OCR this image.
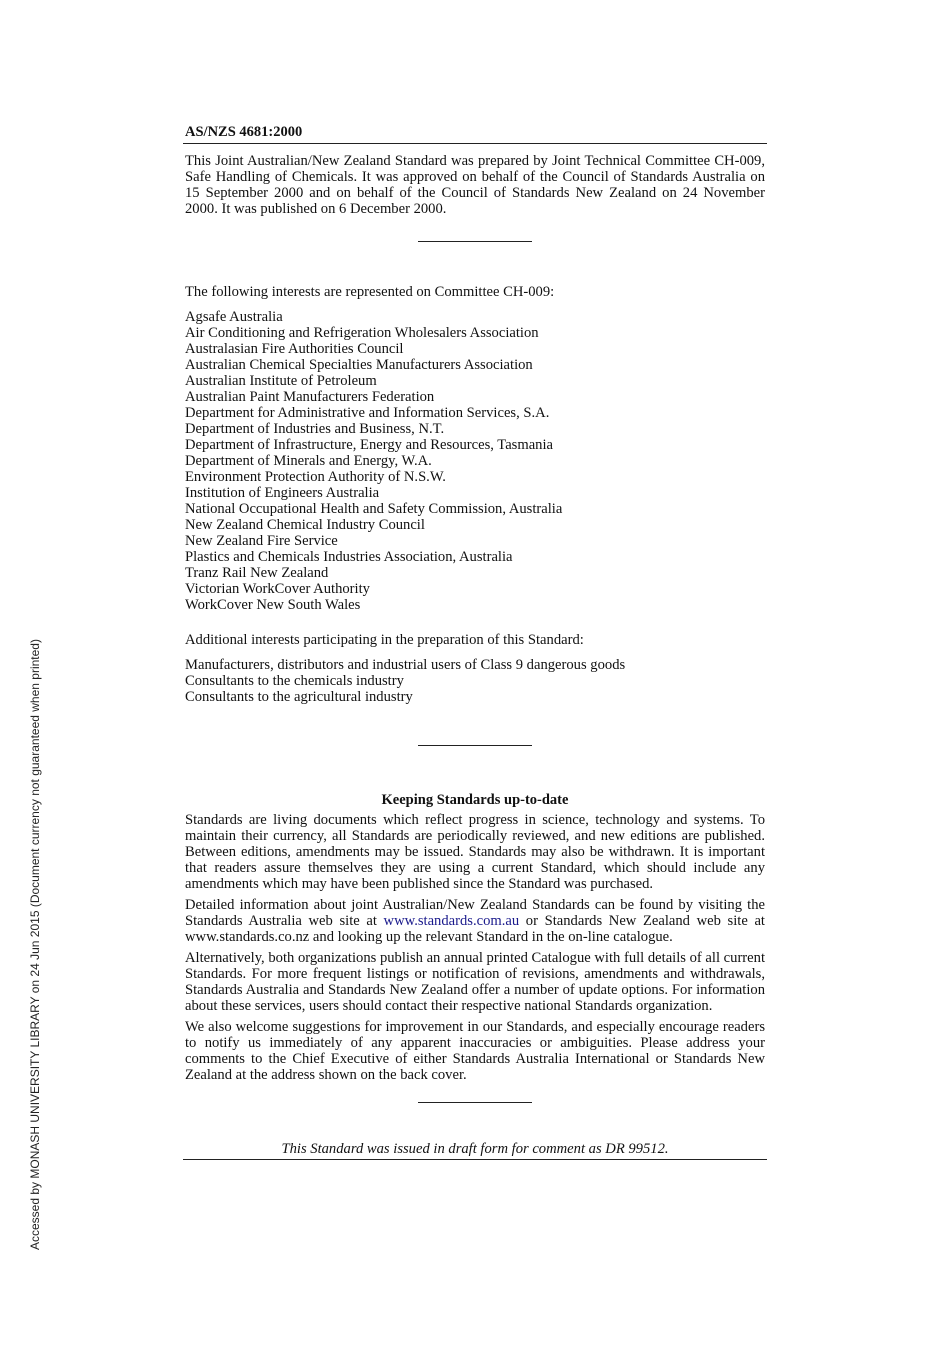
Accessed by MONASH UNIVERSITY LIBRARY on 24 Jun 2015 (Document currency not guaranteed when printed)
AS/NZS 4681:2000
This Joint Australian/New Zealand Standard was prepared by Joint Technical Committee CH-009, Safe Handling of Chemicals. It was approved on behalf of the Council of Standards Australia on 15 September 2000 and on behalf of the Council of Standards New Zealand on 24 November 2000. It was published on 6 December 2000.
The following interests are represented on Committee CH-009:
Agsafe Australia
Air Conditioning and Refrigeration Wholesalers Association
Australasian Fire Authorities Council
Australian Chemical Specialties Manufacturers Association
Australian Institute of Petroleum
Australian Paint Manufacturers Federation
Department for Administrative and Information Services, S.A.
Department of Industries and Business, N.T.
Department of Infrastructure, Energy and Resources, Tasmania
Department of Minerals and Energy, W.A.
Environment Protection Authority of N.S.W.
Institution of Engineers Australia
National Occupational Health and Safety Commission, Australia
New Zealand Chemical Industry Council
New Zealand Fire Service
Plastics and Chemicals Industries Association, Australia
Tranz Rail New Zealand
Victorian WorkCover Authority
WorkCover New South Wales
Additional interests participating in the preparation of this Standard:
Manufacturers, distributors and industrial users of Class 9 dangerous goods
Consultants to the chemicals industry
Consultants to the agricultural industry
Keeping Standards up-to-date
Standards are living documents which reflect progress in science, technology and systems. To maintain their currency, all Standards are periodically reviewed, and new editions are published. Between editions, amendments may be issued. Standards may also be withdrawn. It is important that readers assure themselves they are using a current Standard, which should include any amendments which may have been published since the Standard was purchased.
Detailed information about joint Australian/New Zealand Standards can be found by visiting the Standards Australia web site at www.standards.com.au or Standards New Zealand web site at www.standards.co.nz and looking up the relevant Standard in the on-line catalogue.
Alternatively, both organizations publish an annual printed Catalogue with full details of all current Standards. For more frequent listings or notification of revisions, amendments and withdrawals, Standards Australia and Standards New Zealand offer a number of update options. For information about these services, users should contact their respective national Standards organization.
We also welcome suggestions for improvement in our Standards, and especially encourage readers to notify us immediately of any apparent inaccuracies or ambiguities. Please address your comments to the Chief Executive of either Standards Australia International or Standards New Zealand at the address shown on the back cover.
This Standard was issued in draft form for comment as DR 99512.
